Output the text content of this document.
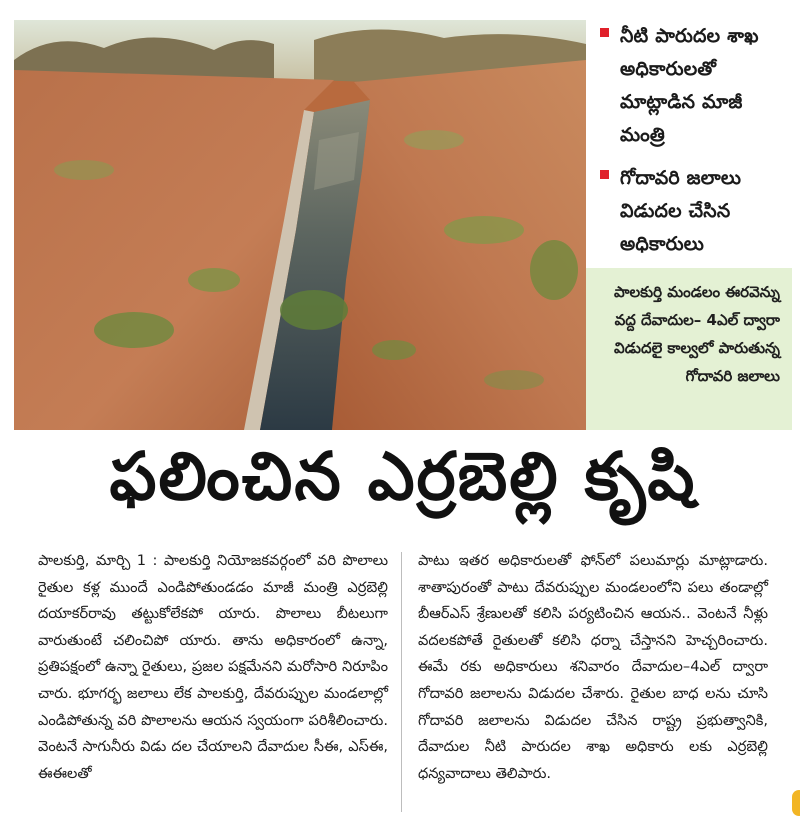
నీటి పారుదల శాఖ అధికారులతో మాట్లాడిన మాజీ మంత్రి
గోదావరి జలాలు విడుదల చేసిన అధికారులు
పాలకుర్తి మండలం ఈరవెన్ను వద్ద దేవాదుల– 4ఎల్ ద్వారా విడుదలై కాల్వలో పారుతున్న గోదావరి జలాలు
ఫలించిన ఎర్రబెల్లి కృషి
పాలకుర్తి, మార్చి 1 : పాలకుర్తి నియోజకవర్గంలో వరి పొలాలు రైతుల కళ్ల ముందే ఎండిపోతుండడం మాజీ మంత్రి ఎర్రబెల్లి దయాకర్‌రావు తట్టుకోలేకపో యారు. పొలాలు బీటలుగా వారుతుంటే చలించిపో యారు. తాను అధికారంలో ఉన్నా, ప్రతిపక్షంలో ఉన్నా రైతులు, ప్రజల పక్షమేనని మరోసారి నిరూపిం చారు. భూగర్భ జలాలు లేక పాలకుర్తి, దేవరుప్పుల మండలాల్లో ఎండిపోతున్న వరి పొలాలను ఆయన స్వయంగా పరిశీలించారు. వెంటనే సాగునీరు విడు దల చేయాలని దేవాదుల సీఈ, ఎస్‌ఈ, ఈఈలతో
పాటు ఇతర అధికారులతో ఫోన్‌లో పలుమార్లు మాట్లాడారు. శాతాపురంతో పాటు దేవరుప్పుల మండలంలోని పలు తండాల్లో బీఆర్‌ఎస్ శ్రేణులతో కలిసి పర్యటించిన ఆయన.. వెంటనే నీళ్లు వదలకపోతే రైతులతో కలిసి ధర్నా చేస్తానని హెచ్చరించారు. ఈమే రకు అధికారులు శనివారం దేవాదుల–4ఎల్ ద్వారా గోదావరి జలాలను విడుదల చేశారు. రైతుల బాధ లను చూసి గోదావరి జలాలను విడుదల చేసిన రాష్ట్ర ప్రభుత్వానికి, దేవాదుల నీటి పారుదల శాఖ అధికారు లకు ఎర్రబెల్లి ధన్యవాదాలు తెలిపారు.
